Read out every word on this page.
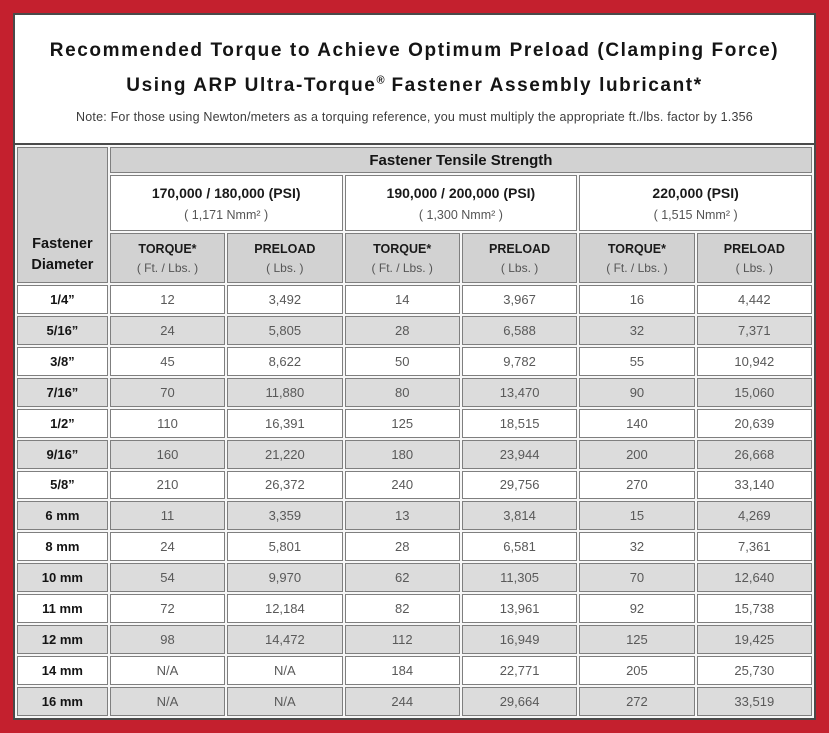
Recommended Torque to Achieve Optimum Preload (Clamping Force)
Using ARP Ultra-Torque® Fastener Assembly lubricant*

Note: For those using Newton/meters as a torquing reference, you must multiply the appropriate ft./lbs. factor by 1.356

Fastener
Diameter	Fastener Tensile Strength					

	170,000 / 180,000 (PSI)
( 1,171 Nmm² )		190,000 / 200,000 (PSI)
( 1,300 Nmm² )		220,000 (PSI)
( 1,515 Nmm² )	

	TORQUE*
( Ft. / Lbs. )	PRELOAD
( Lbs. )	TORQUE*
( Ft. / Lbs. )	PRELOAD
( Lbs. )	TORQUE*
( Ft. / Lbs. )	PRELOAD
( Lbs. )

1/4”	12	3,492	14	3,967	16	4,442
5/16”	24	5,805	28	6,588	32	7,371
3/8”	45	8,622	50	9,782	55	10,942
7/16”	70	11,880	80	13,470	90	15,060
1/2”	110	16,391	125	18,515	140	20,639
9/16”	160	21,220	180	23,944	200	26,668
5/8”	210	26,372	240	29,756	270	33,140
6 mm	11	3,359	13	3,814	15	4,269
8 mm	24	5,801	28	6,581	32	7,361
10 mm	54	9,970	62	11,305	70	12,640
11 mm	72	12,184	82	13,961	92	15,738
12 mm	98	14,472	112	16,949	125	19,425
14 mm	N/A	N/A	184	22,771	205	25,730
16 mm	N/A	N/A	244	29,664	272	33,519
